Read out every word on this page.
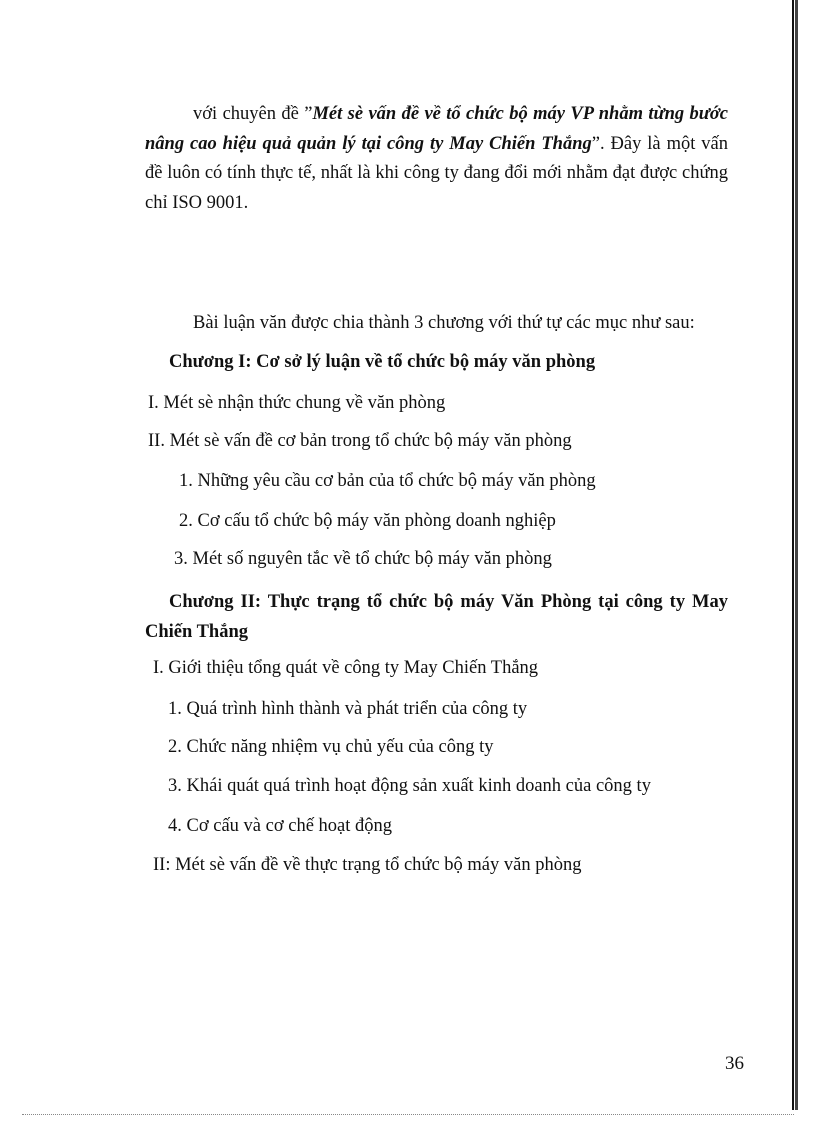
với chuyên đề ”Mét sè vấn đề về tổ chức bộ máy VP nhằm từng bước nâng cao hiệu quả quản lý tại công ty May Chiến Thắng”. Đây là một vấn đề luôn có tính thực tế, nhất là khi công ty đang đổi mới nhằm đạt được chứng chỉ ISO 9001.

Bài luận văn được chia thành 3 chương với thứ tự các mục như sau:

Chương I: Cơ sở lý luận về tổ chức bộ máy văn phòng

I. Mét sè nhận thức chung về văn phòng

II. Mét sè vấn đề cơ bản trong tổ chức bộ máy văn phòng

1. Những yêu cầu cơ bản của tổ chức bộ máy văn phòng

2. Cơ cấu tổ chức bộ máy văn phòng doanh nghiệp

3. Mét số nguyên tắc về tổ chức bộ máy văn phòng

Chương II: Thực trạng tổ chức bộ máy Văn Phòng tại công ty May Chiến Thắng

I. Giới thiệu tổng quát về công ty May Chiến Thắng

1. Quá trình hình thành và phát triển của công ty

2. Chức năng nhiệm vụ chủ yếu của công ty

3. Khái quát quá trình hoạt động sản xuất kinh doanh của công ty

4. Cơ cấu và cơ chế hoạt động

II: Mét sè vấn đề về thực trạng tổ chức bộ máy văn phòng

36
